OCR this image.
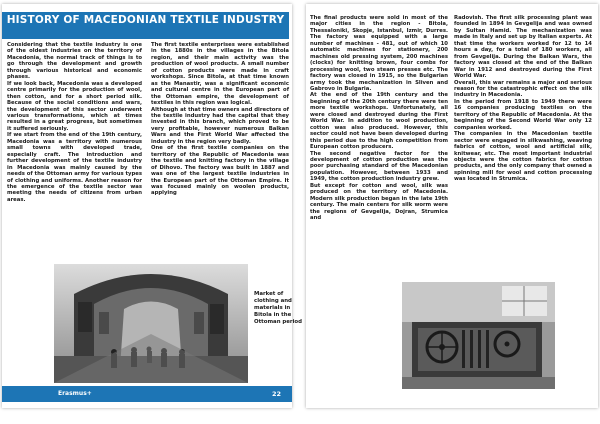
HISTORY OF MACEDONIAN TEXTILE INDUSTRY

Considering that the textile industry is one of the oldest industries on the territory of Macedonia, the normal track of things is to go through the development and growth through various historical and economic phases.
If we look back, Macedonia was a developed centre primarily for the production of wool, then cotton, and for a short period silk. Because of the social conditions and wars, the development of this sector underwent various transformations, which at times resulted in a great progress, but sometimes it suffered seriously.
If we start from the end of the 19th century, Macedonia was a territory with numerous small towns with developed trade, especially craft. The introduction and further development of the textile industry in Macedonia was mainly caused by the needs of the Ottoman army for various types of clothing and uniforms. Another reason for the emergence of the textile sector was meeting the needs of citizens from urban areas.

The first textile enterprises were established in the 1880s in the villages in the Bitola region, and their main activity was the production of wool products. A small number of cotton products were made in craft workshops. Since Bitola, at that time known as the Manastir, was a significant economic and cultural centre in the European part of the Ottoman empire, the development of textiles in this region was logical.
Although at that time owners and directors of the textile industry had the capital that they invested in this branch, which proved to be very profitable, however numerous Balkan Wars and the First World War affected the industry in the region very badly.
One of the first textile companies on the territory of the Republic of Macedonia was the textile and knitting factory in the village of Dihovo. The factory was built in 1887 and was one of the largest textile industries in the European part of the Ottoman Empire. It was focused mainly on woolen products, applying

Market of clothing and materials in Bitola in the Ottoman period
Erasmus+	22

The final products were sold in most of the major cities in the region - Bitola, Thessaloniki, Skopje, Istanbul, Izmir, Durres. The factory was equipped with a large number of machines - 481, out of which 10 automatic machines for stationery, 200 machines old pressing system, 200 machines (clocks) for knitting brown, four combs for processing wool, two steam presses etc. The factory was closed in 1915, so the Bulgarian army took the mechanization in Sliven and Gabrovo in Bulgaria.
At the end of the 19th century and the beginning of the 20th century there were ten more textile workshops. Unfortunately, all were closed and destroyed during the First World War. In addition to wool production, cotton was also produced. However, this sector could not have been developed during this period due to the high competition from European cotton producers.
The second negative factor for the development of cotton production was the poor purchasing standard of the Macedonian population. However, between 1933 and 1949, the cotton production industry grew.
But except for cotton and wool, silk was produced on the territory of Macedonia. Modern silk production began in the late 19th century. The main centers for silk worm were the regions of Gevgelija, Dojran, Strumica and

Radovish. The first silk processing plant was founded in 1894 in Gevgelija and was owned by Sultan Hamid. The mechanization was made in Italy and set up by Italian experts. At that time the workers worked for 12 to 14 hours a day, for a total of 180 workers, all from Gevgelija. During the Balkan Wars, the factory was closed at the end of the Balkan War in 1912 and destroyed during the First World War.
Overall, this war remains a major and serious reason for the catastrophic effect on the silk industry in Macedonia.
In the period from 1918 to 1949 there were 16 companies producing textiles on the territory of the Republic of Macedonia. At the beginning of the Second World War only 12 companies worked.
The companies in the Macedonian textile sector were engaged in silkwashing, weaving fabrics of cotton, wool and artificial silk, knitwear, etc. The most important industrial objects were the cotton fabrics for cotton products, and the only company that owned a spinning mill for wool and cotton processing was located in Strumica.
